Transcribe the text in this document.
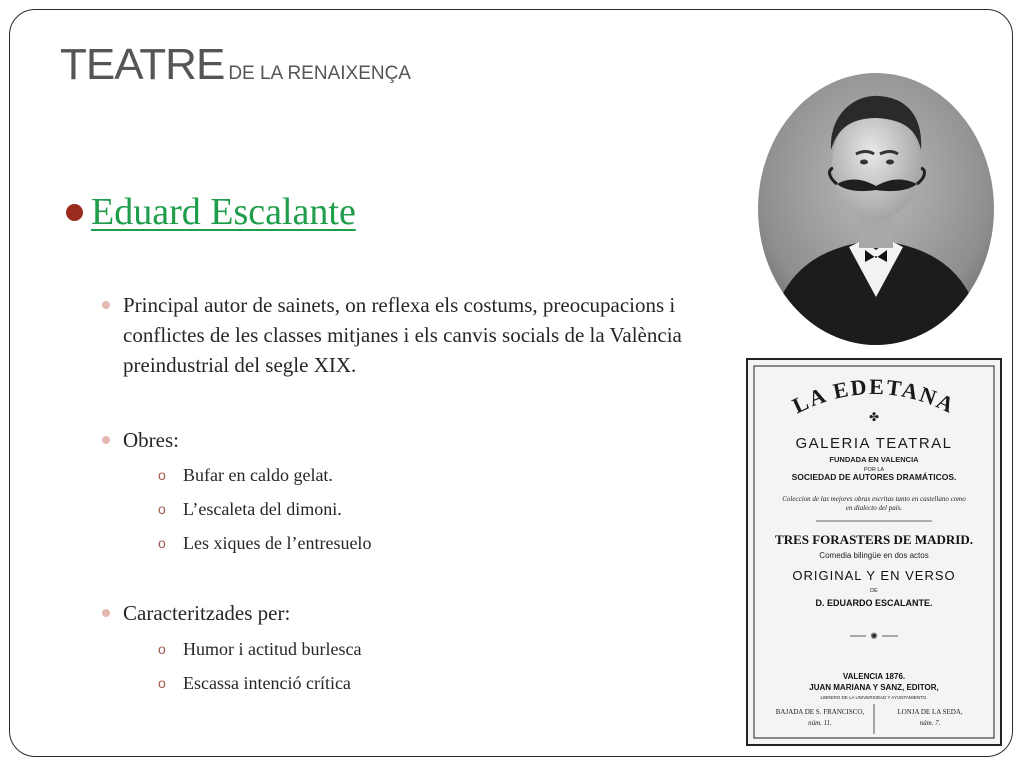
TEATRE DE LA RENAIXENÇA
Eduard Escalante
Principal autor de sainets, on reflexa els costums, preocupacions i conflictes de les classes mitjanes i els canvis socials de la València preindustrial del segle XIX.
Obres:
o Bufar en caldo gelat.
o L’escaleta del dimoni.
o Les xiques de l’entresuelo
Caracteritzades per:
o Humor i actitud burlesca
o Escassa intenció crítica
LA EDETANA
✤
GALERIA TEATRAL
FUNDADA EN VALENCIA
POR LA
SOCIEDAD DE AUTORES DRAMÁTICOS.
Coleccion de las mejores obras escritas tanto en castellano como
en dialecto del país.
TRES FORASTERS DE MADRID.
Comedia bilingüe en dos actos
ORIGINAL Y EN VERSO
DE
D. EDUARDO ESCALANTE.
✺
VALENCIA 1876.
JUAN MARIANA Y SANZ, EDITOR,
LIBRERO DE LA UNIVERSIDAD Y AYUNTAMIENTO.
BAJADA DE S. FRANCISCO,	LONJA DE LA SEDA,
núm. 11.	núm. 7.
